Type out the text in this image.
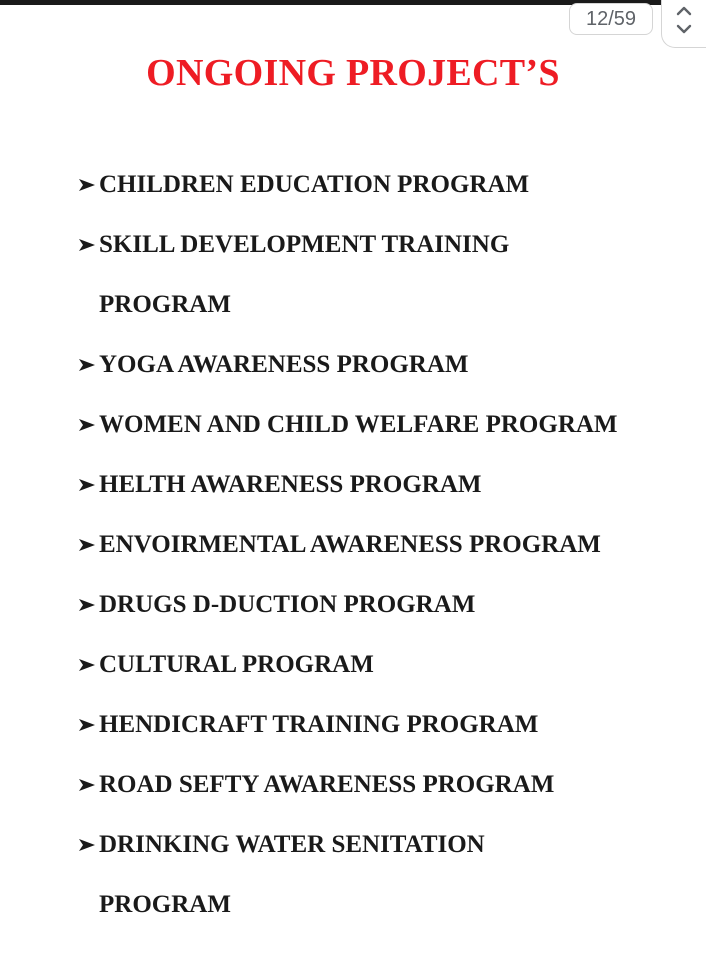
12/59
ONGOING PROJECT’S
CHILDREN EDUCATION PROGRAM
SKILL DEVELOPMENT TRAINING PROGRAM
YOGA AWARENESS PROGRAM
WOMEN AND CHILD WELFARE PROGRAM
HELTH AWARENESS PROGRAM
ENVOIRMENTAL AWARENESS PROGRAM
DRUGS D-DUCTION PROGRAM
CULTURAL PROGRAM
HENDICRAFT TRAINING PROGRAM
ROAD SEFTY AWARENESS PROGRAM
DRINKING WATER SENITATION PROGRAM
